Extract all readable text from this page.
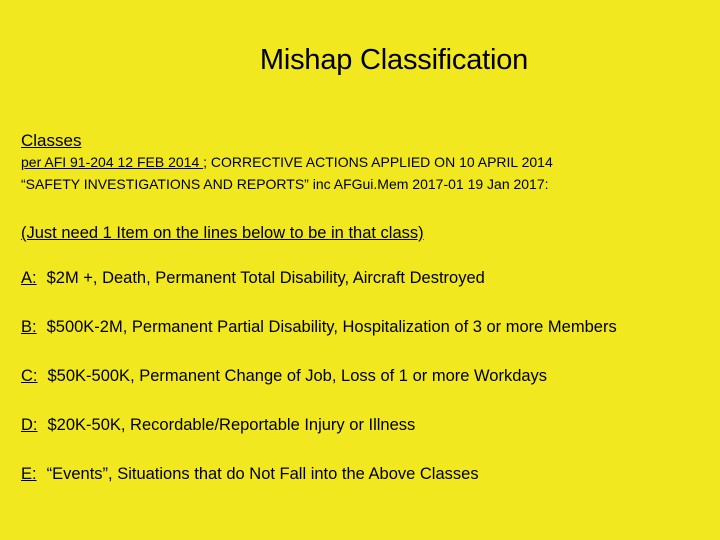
Mishap Classification
Classes
per AFI 91-204 12 FEB 2014 ; CORRECTIVE ACTIONS APPLIED ON 10 APRIL 2014
“SAFETY INVESTIGATIONS AND REPORTS” inc AFGui.Mem 2017-01 19 Jan 2017:
(Just need 1 Item on the lines below to be in that class)
A: $2M +, Death, Permanent Total Disability, Aircraft Destroyed
B: $500K-2M, Permanent Partial Disability, Hospitalization of 3 or more Members
C: $50K-500K, Permanent Change of Job, Loss of 1 or more Workdays
D: $20K-50K, Recordable/Reportable Injury or Illness
E: “Events”, Situations that do Not Fall into the Above Classes
